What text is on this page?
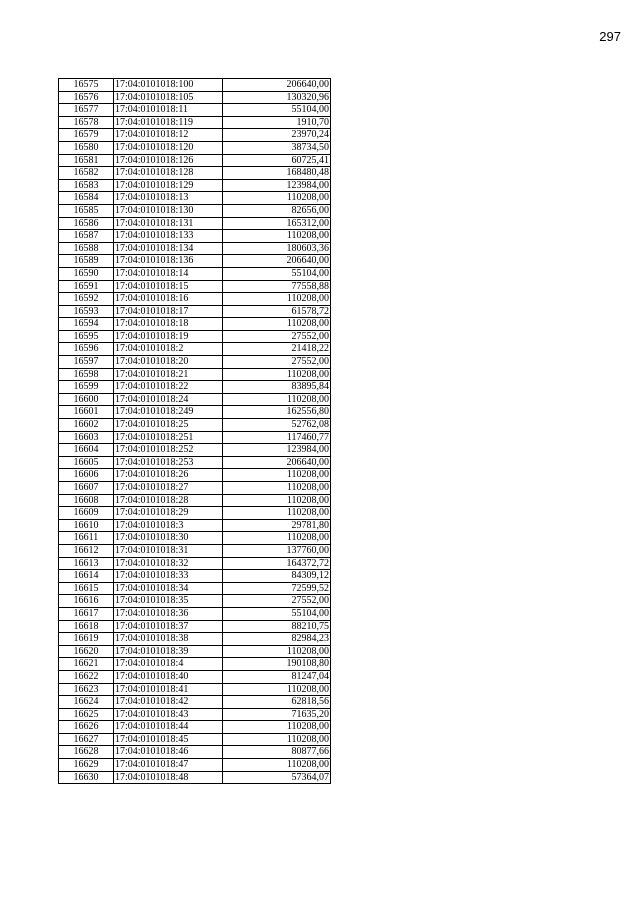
297
16575	17:04:0101018:100	206640,00
16576	17:04:0101018:105	130320,96
16577	17:04:0101018:11	55104,00
16578	17:04:0101018:119	1910,70
16579	17:04:0101018:12	23970,24
16580	17:04:0101018:120	38734,50
16581	17:04:0101018:126	60725,41
16582	17:04:0101018:128	168480,48
16583	17:04:0101018:129	123984,00
16584	17:04:0101018:13	110208,00
16585	17:04:0101018:130	82656,00
16586	17:04:0101018:131	165312,00
16587	17:04:0101018:133	110208,00
16588	17:04:0101018:134	180603,36
16589	17:04:0101018:136	206640,00
16590	17:04:0101018:14	55104,00
16591	17:04:0101018:15	77558,88
16592	17:04:0101018:16	110208,00
16593	17:04:0101018:17	61578,72
16594	17:04:0101018:18	110208,00
16595	17:04:0101018:19	27552,00
16596	17:04:0101018:2	21418,22
16597	17:04:0101018:20	27552,00
16598	17:04:0101018:21	110208,00
16599	17:04:0101018:22	83895,84
16600	17:04:0101018:24	110208,00
16601	17:04:0101018:249	162556,80
16602	17:04:0101018:25	52762,08
16603	17:04:0101018:251	117460,77
16604	17:04:0101018:252	123984,00
16605	17:04:0101018:253	206640,00
16606	17:04:0101018:26	110208,00
16607	17:04:0101018:27	110208,00
16608	17:04:0101018:28	110208,00
16609	17:04:0101018:29	110208,00
16610	17:04:0101018:3	29781,80
16611	17:04:0101018:30	110208,00
16612	17:04:0101018:31	137760,00
16613	17:04:0101018:32	164372,72
16614	17:04:0101018:33	84309,12
16615	17:04:0101018:34	72599,52
16616	17:04:0101018:35	27552,00
16617	17:04:0101018:36	55104,00
16618	17:04:0101018:37	88210,75
16619	17:04:0101018:38	82984,23
16620	17:04:0101018:39	110208,00
16621	17:04:0101018:4	190108,80
16622	17:04:0101018:40	81247,04
16623	17:04:0101018:41	110208,00
16624	17:04:0101018:42	62818,56
16625	17:04:0101018:43	71635,20
16626	17:04:0101018:44	110208,00
16627	17:04:0101018:45	110208,00
16628	17:04:0101018:46	80877,66
16629	17:04:0101018:47	110208,00
16630	17:04:0101018:48	57364,07
